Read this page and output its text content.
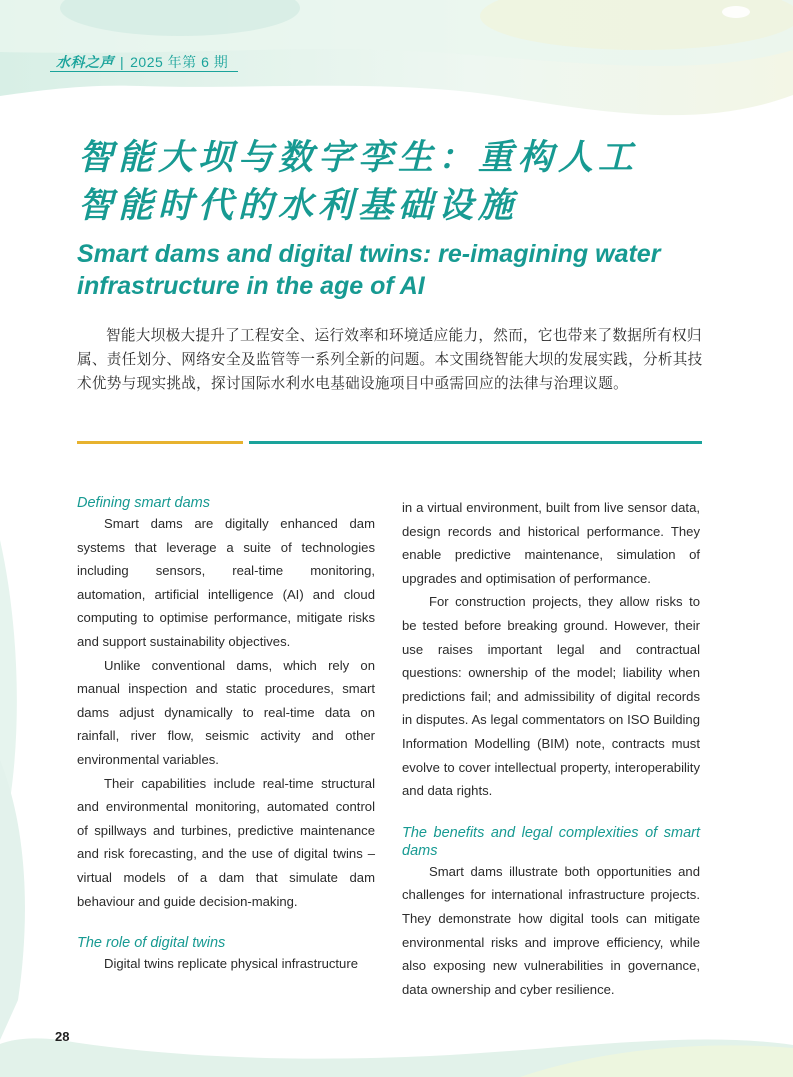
水科之声 | 2025 年第 6 期
智能大坝与数字孪生：重构人工
智能时代的水利基础设施
Smart dams and digital twins: re-imagining water infrastructure in the age of AI
智能大坝极大提升了工程安全、运行效率和环境适应能力，然而，它也带来了数据所有权归属、责任划分、网络安全及监管等一系列全新的问题。本文围绕智能大坝的发展实践，分析其技术优势与现实挑战，探讨国际水利水电基础设施项目中亟需回应的法律与治理议题。
Defining smart dams

Smart dams are digitally enhanced dam systems that leverage a suite of technologies including sensors, real-time monitoring, automation, artificial intelligence (AI) and cloud computing to optimise performance, mitigate risks and support sustainability objectives.

Unlike conventional dams, which rely on manual inspection and static procedures, smart dams adjust dynamically to real-time data on rainfall, river flow, seismic activity and other environmental variables.

Their capabilities include real-time structural and environmental monitoring, automated control of spillways and turbines, predictive maintenance and risk forecasting, and the use of digital twins – virtual models of a dam that simulate dam behaviour and guide decision-making.

The role of digital twins

Digital twins replicate physical infrastructure

in a virtual environment, built from live sensor data, design records and historical performance. They enable predictive maintenance, simulation of upgrades and optimisation of performance.

For construction projects, they allow risks to be tested before breaking ground. However, their use raises important legal and contractual questions: ownership of the model; liability when predictions fail; and admissibility of digital records in disputes. As legal commentators on ISO Building Information Modelling (BIM) note, contracts must evolve to cover intellectual property, interoperability and data rights.

The benefits and legal complexities of smart dams

Smart dams illustrate both opportunities and challenges for international infrastructure projects. They demonstrate how digital tools can mitigate environmental risks and improve efficiency, while also exposing new vulnerabilities in governance, data ownership and cyber resilience.

28
